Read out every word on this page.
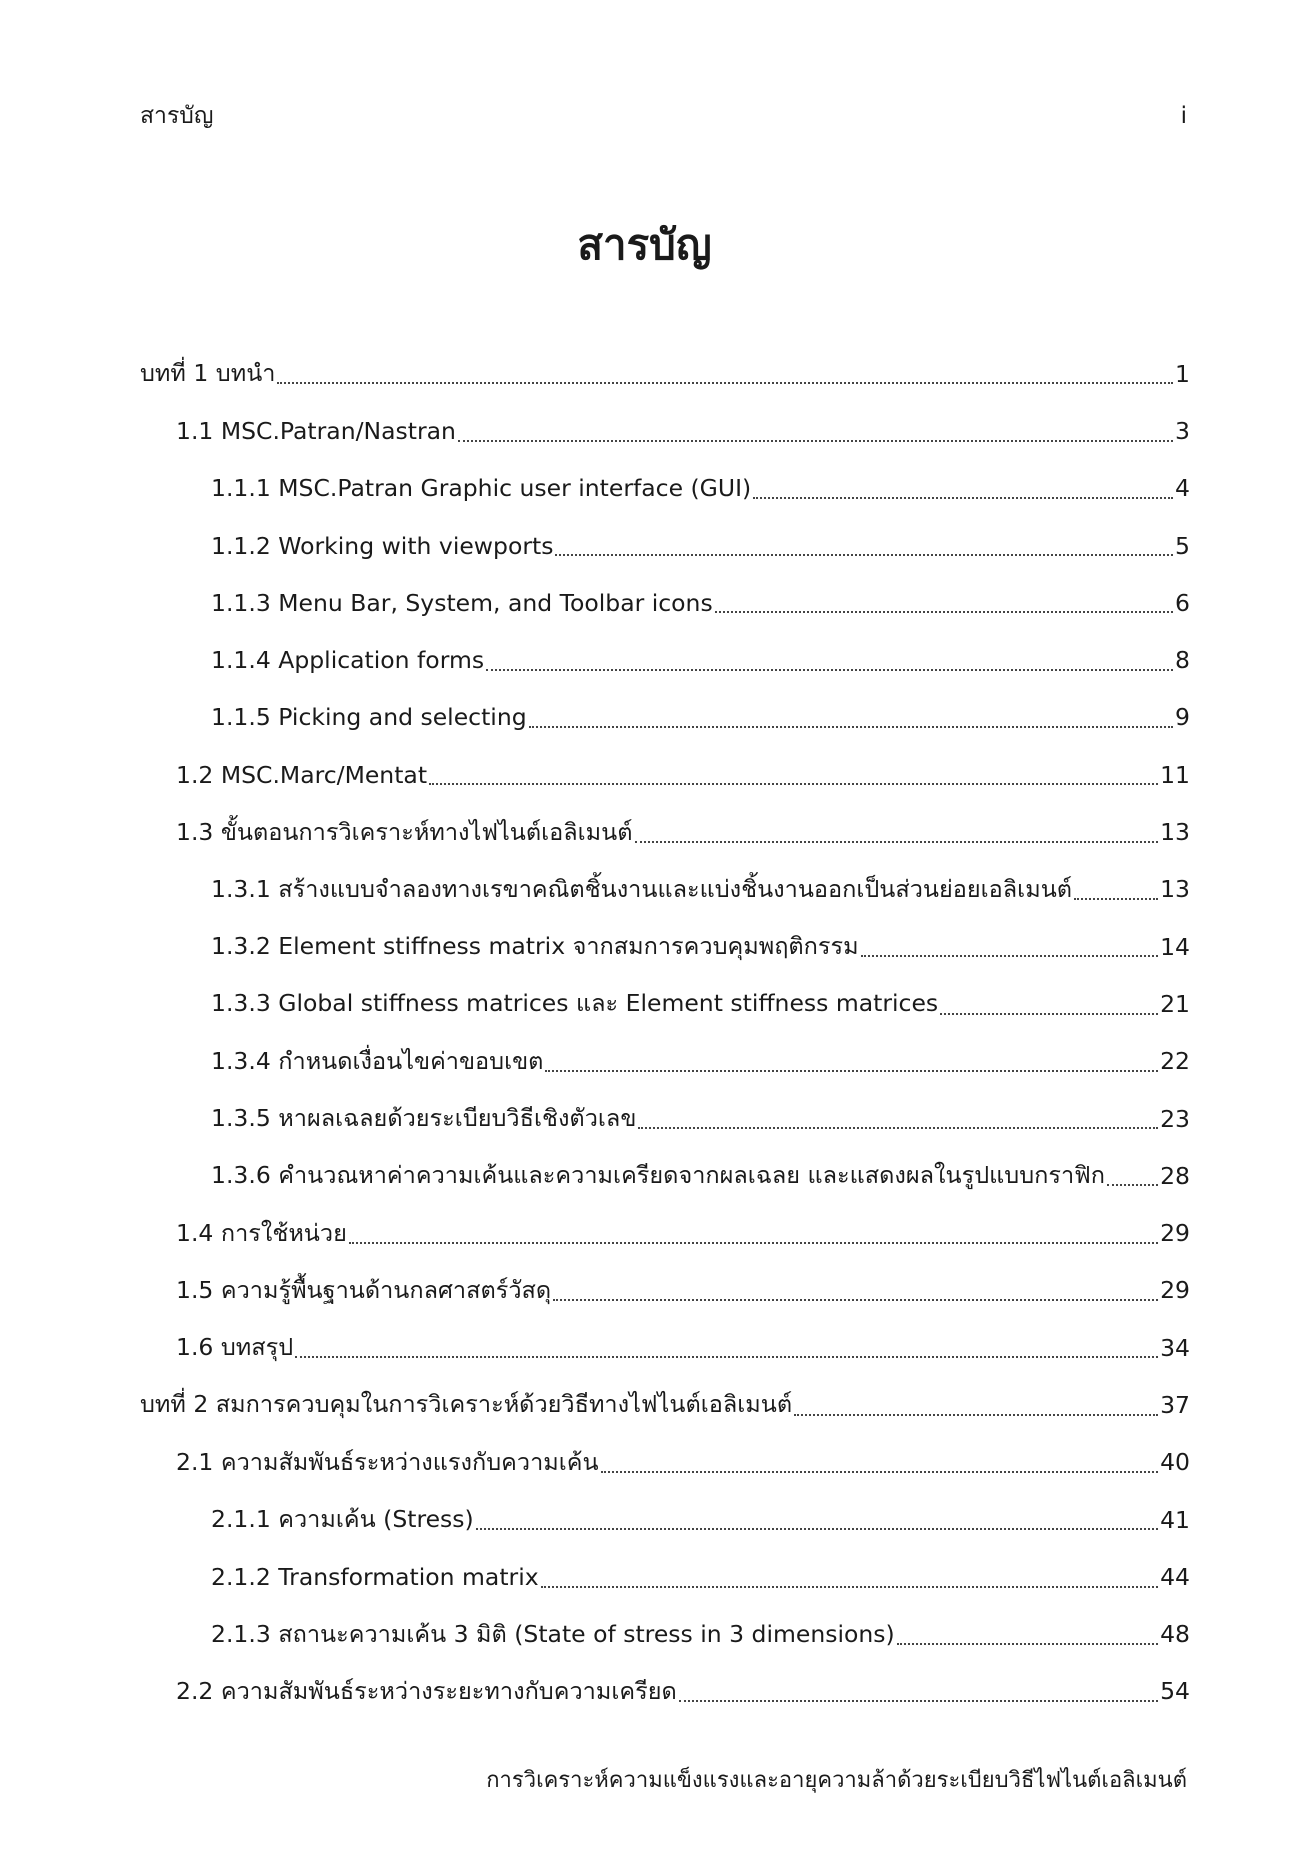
สารบัญ	i
สารบัญ
บทที่ 1 บทนำ	1
1.1 MSC.Patran/Nastran	3
1.1.1 MSC.Patran Graphic user interface (GUI)	4
1.1.2 Working with viewports	5
1.1.3 Menu Bar, System, and Toolbar icons	6
1.1.4 Application forms	8
1.1.5 Picking and selecting	9
1.2 MSC.Marc/Mentat	11
1.3 ขั้นตอนการวิเคราะห์ทางไฟไนต์เอลิเมนต์	13
1.3.1 สร้างแบบจำลองทางเรขาคณิตชิ้นงานและแบ่งชิ้นงานออกเป็นส่วนย่อยเอลิเมนต์	13
1.3.2 Element stiffness matrix จากสมการควบคุมพฤติกรรม	14
1.3.3 Global stiffness matrices และ Element stiffness matrices	21
1.3.4 กำหนดเงื่อนไขค่าขอบเขต	22
1.3.5 หาผลเฉลยด้วยระเบียบวิธีเชิงตัวเลข	23
1.3.6 คำนวณหาค่าความเค้นและความเครียดจากผลเฉลย และแสดงผลในรูปแบบกราฟิก 28
1.4 การใช้หน่วย	29
1.5 ความรู้พื้นฐานด้านกลศาสตร์วัสดุ	29
1.6 บทสรุป	34
บทที่ 2 สมการควบคุมในการวิเคราะห์ด้วยวิธีทางไฟไนต์เอลิเมนต์	37
2.1 ความสัมพันธ์ระหว่างแรงกับความเค้น	40
2.1.1 ความเค้น (Stress)	41
2.1.2 Transformation matrix	44
2.1.3 สถานะความเค้น 3 มิติ (State of stress in 3 dimensions)	48
2.2 ความสัมพันธ์ระหว่างระยะทางกับความเครียด	54
การวิเคราะห์ความแข็งแรงและอายุความล้าด้วยระเบียบวิธีไฟไนต์เอลิเมนต์
